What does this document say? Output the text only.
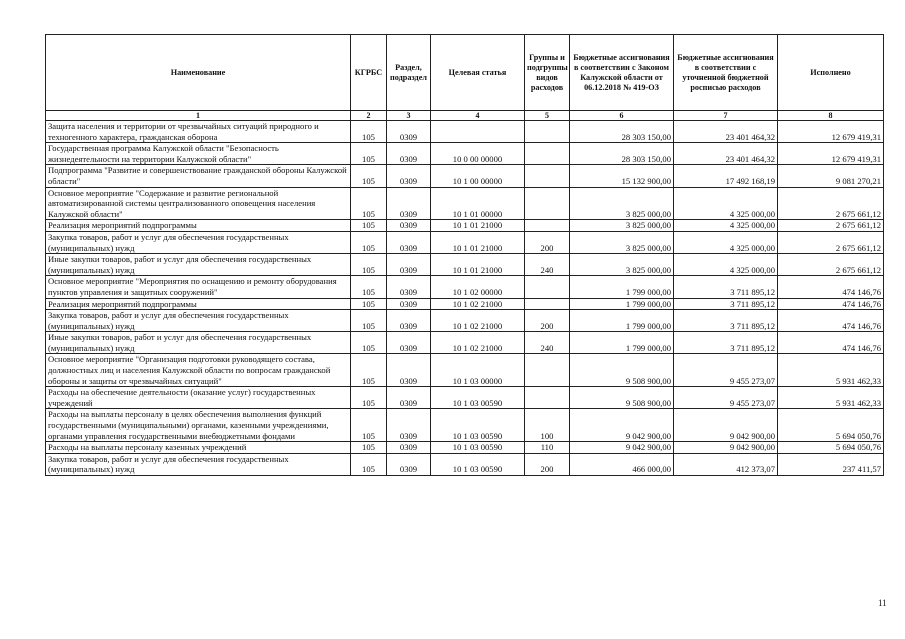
Наименование	КГРБС	Раздел, подраздел	Целевая статья	Группы и подгруппы видов расходов	Бюджетные ассигнования в соответствии с Законом Калужской области от 06.12.2018 № 419-ОЗ	Бюджетные ассигнования в соответствии с уточненной бюджетной росписью расходов	Исполнено
1	2	3	4	5	6	7	8
Защита населения и территории от чрезвычайных ситуаций природного и техногенного характера, гражданская оборона	105	0309			28 303 150,00	23 401 464,32	12 679 419,31
Государственная программа Калужской области "Безопасность жизнедеятельности на территории Калужской области"	105	0309	10 0 00 00000		28 303 150,00	23 401 464,32	12 679 419,31
Подпрограмма "Развитие и совершенствование гражданской обороны Калужской области"	105	0309	10 1 00 00000		15 132 900,00	17 492 168,19	9 081 270,21
Основное мероприятие "Содержание и развитие региональной автоматизированной системы централизованного оповещения населения Калужской области"	105	0309	10 1 01 00000		3 825 000,00	4 325 000,00	2 675 661,12
Реализация мероприятий подпрограммы	105	0309	10 1 01 21000		3 825 000,00	4 325 000,00	2 675 661,12
Закупка товаров, работ и услуг для обеспечения государственных (муниципальных) нужд	105	0309	10 1 01 21000	200	3 825 000,00	4 325 000,00	2 675 661,12
Иные закупки товаров, работ и услуг для обеспечения государственных (муниципальных) нужд	105	0309	10 1 01 21000	240	3 825 000,00	4 325 000,00	2 675 661,12
Основное мероприятие "Мероприятия по оснащению и ремонту оборудования пунктов управления и защитных сооружений"	105	0309	10 1 02 00000		1 799 000,00	3 711 895,12	474 146,76
Реализация мероприятий подпрограммы	105	0309	10 1 02 21000		1 799 000,00	3 711 895,12	474 146,76
Закупка товаров, работ и услуг для обеспечения государственных (муниципальных) нужд	105	0309	10 1 02 21000	200	1 799 000,00	3 711 895,12	474 146,76
Иные закупки товаров, работ и услуг для обеспечения государственных (муниципальных) нужд	105	0309	10 1 02 21000	240	1 799 000,00	3 711 895,12	474 146,76
Основное мероприятие "Организация подготовки руководящего состава, должностных лиц и населения Калужской области по вопросам гражданской обороны и защиты от чрезвычайных ситуаций"	105	0309	10 1 03 00000		9 508 900,00	9 455 273,07	5 931 462,33
Расходы на обеспечение деятельности (оказание услуг) государственных учреждений	105	0309	10 1 03 00590		9 508 900,00	9 455 273,07	5 931 462,33
Расходы на выплаты персоналу в целях обеспечения выполнения функций государственными (муниципальными) органами, казенными учреждениями, органами управления государственными внебюджетными фондами	105	0309	10 1 03 00590	100	9 042 900,00	9 042 900,00	5 694 050,76
Расходы на выплаты персоналу казенных учреждений	105	0309	10 1 03 00590	110	9 042 900,00	9 042 900,00	5 694 050,76
Закупка товаров, работ и услуг для обеспечения государственных (муниципальных) нужд	105	0309	10 1 03 00590	200	466 000,00	412 373,07	237 411,57
11
